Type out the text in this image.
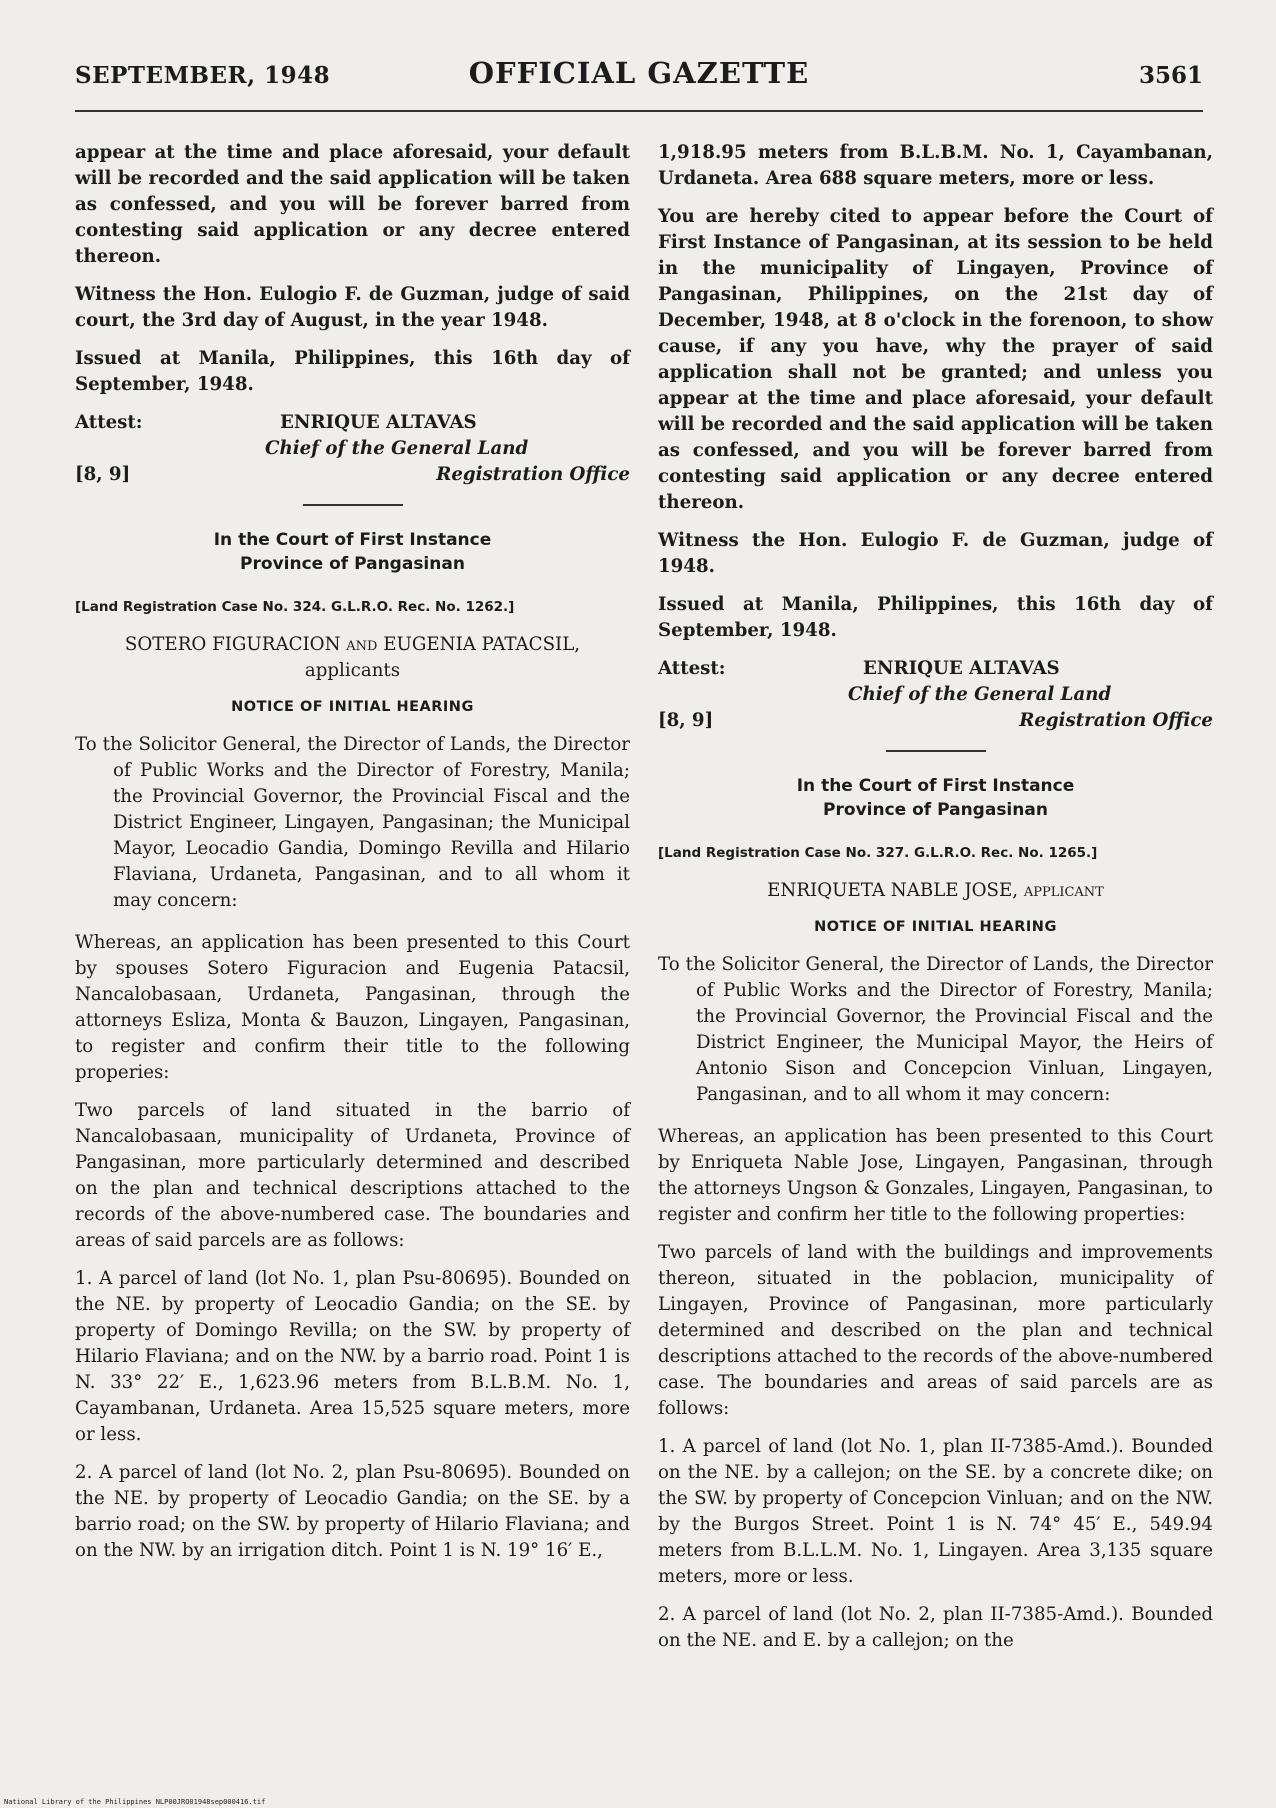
SEPTEMBER, 1948	OFFICIAL GAZETTE	3561

appear at the time and place aforesaid, your default will be recorded and the said application will be taken as confessed, and you will be forever barred from contesting said application or any decree entered thereon.

Witness the Hon. Eulogio F. de Guzman, judge of said court, the 3rd day of August, in the year 1948.

Issued at Manila, Philippines, this 16th day of September, 1948.

Attest:	ENRIQUE ALTAVAS
Chief of the General Land
[8, 9]	Registration Office
In the Court of First Instance
Province of Pangasinan
[Land Registration Case No. 324. G.L.R.O. Rec. No. 1262.]
SOTERO FIGURACION and EUGENIA PATACSIL,
applicants
NOTICE OF INITIAL HEARING
To the Solicitor General, the Director of Lands, the Director of Public Works and the Director of Forestry, Manila; the Provincial Governor, the Provincial Fiscal and the District Engineer, Lingayen, Pangasinan; the Municipal Mayor, Leocadio Gandia, Domingo Revilla and Hilario Flaviana, Urdaneta, Pangasinan, and to all whom it may concern:

Whereas, an application has been presented to this Court by spouses Sotero Figuracion and Eugenia Patacsil, Nancalobasaan, Urdaneta, Pangasinan, through the attorneys Esliza, Monta & Bauzon, Lingayen, Pangasinan, to register and confirm their title to the following properies:

Two parcels of land situated in the barrio of Nancalobasaan, municipality of Urdaneta, Province of Pangasinan, more particularly determined and described on the plan and technical descriptions attached to the records of the above-numbered case. The boundaries and areas of said parcels are as follows:

1. A parcel of land (lot No. 1, plan Psu-80695). Bounded on the NE. by property of Leocadio Gandia; on the SE. by property of Domingo Revilla; on the SW. by property of Hilario Flaviana; and on the NW. by a barrio road. Point 1 is N. 33° 22′ E., 1,623.96 meters from B.L.B.M. No. 1, Cayambanan, Urdaneta. Area 15,525 square meters, more or less.

2. A parcel of land (lot No. 2, plan Psu-80695). Bounded on the NE. by property of Leocadio Gandia; on the SE. by a barrio road; on the SW. by property of Hilario Flaviana; and on the NW. by an irrigation ditch. Point 1 is N. 19° 16′ E.,

1,918.95 meters from B.L.B.M. No. 1, Cayambanan, Urdaneta. Area 688 square meters, more or less.

You are hereby cited to appear before the Court of First Instance of Pangasinan, at its session to be held in the municipality of Lingayen, Province of Pangasinan, Philippines, on the 21st day of December, 1948, at 8 o'clock in the forenoon, to show cause, if any you have, why the prayer of said application shall not be granted; and unless you appear at the time and place aforesaid, your default will be recorded and the said application will be taken as confessed, and you will be forever barred from contesting said application or any decree entered thereon.

Witness the Hon. Eulogio F. de Guzman, judge of 1948.

Issued at Manila, Philippines, this 16th day of September, 1948.

Attest:	ENRIQUE ALTAVAS
Chief of the General Land
[8, 9]	Registration Office
In the Court of First Instance
Province of Pangasinan
[Land Registration Case No. 327. G.L.R.O. Rec. No. 1265.]
ENRIQUETA NABLE JOSE, applicant
NOTICE OF INITIAL HEARING
To the Solicitor General, the Director of Lands, the Director of Public Works and the Director of Forestry, Manila; the Provincial Governor, the Provincial Fiscal and the District Engineer, the Municipal Mayor, the Heirs of Antonio Sison and Concepcion Vinluan, Lingayen, Pangasinan, and to all whom it may concern:

Whereas, an application has been presented to this Court by Enriqueta Nable Jose, Lingayen, Pangasinan, through the attorneys Ungson & Gonzales, Lingayen, Pangasinan, to register and confirm her title to the following properties:

Two parcels of land with the buildings and improvements thereon, situated in the poblacion, municipality of Lingayen, Province of Pangasinan, more particularly determined and described on the plan and technical descriptions attached to the records of the above-numbered case. The boundaries and areas of said parcels are as follows:

1. A parcel of land (lot No. 1, plan II-7385-Amd.). Bounded on the NE. by a callejon; on the SE. by a concrete dike; on the SW. by property of Concepcion Vinluan; and on the NW. by the Burgos Street. Point 1 is N. 74° 45′ E., 549.94 meters from B.L.L.M. No. 1, Lingayen. Area 3,135 square meters, more or less.

2. A parcel of land (lot No. 2, plan II-7385-Amd.). Bounded on the NE. and E. by a callejon; on the

National Library of the Philippines NLP00JRO01948sep000416.tif
